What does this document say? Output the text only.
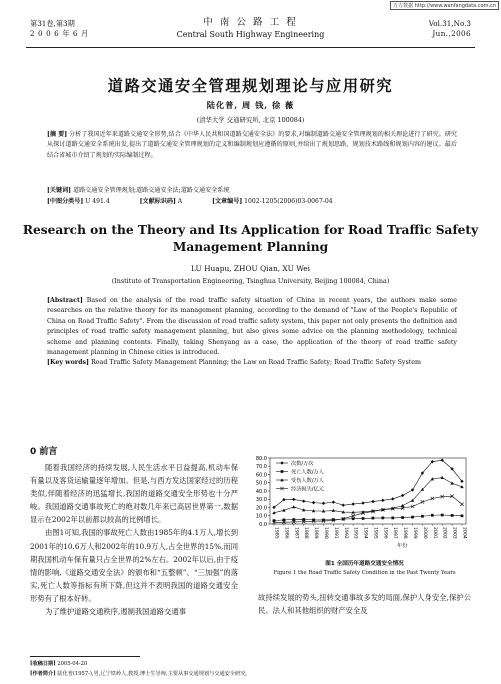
万方数据 http://www.wanfangdata.com.cn
第31卷,第3期
2 0 0 6 年 6 月
中 南 公 路 工 程
Central South Highway Engineering
Vol.31,No.3
Jun.,2006
道路交通安全管理规划理论与应用研究
陆化普, 周 钱, 徐 薇
(清华大学 交通研究所, 北京 100084)
[摘 要] 分析了我国近年来道路交通安全形势,结合《中华人民共和国道路交通安全法》的要求,对编制道路交通安全管理规划的相关理论进行了研究。研究从探讨道路交通安全系统出发,提出了道路交通安全管理规划的定义和编制规划应遵循的原则,并给出了规划思路、规划技术路线和规划内容的建议。最后结合省城市介绍了规划的实际编制过程。
[关键词] 道路交通安全管理规划;道路交通安全法;道路交通安全系统
[中图分类号] U 491.4	[文献标识码] A	[文章编号] 1002-1205(2006)03-0067-04
Research on the Theory and Its Application for Road Traffic Safety
Management Planning
LU Huapu, ZHOU Qian, XU Wei
(Institute of Transportation Engineering, Tsinghua University, Beijing 100084, China)
[Abstract] Based on the analysis of the road traffic safety situation of China in recent years, the authors make some researches on the relative theory for its management planning, according to the demand of "Law of the People's Republic of China on Road Traffic Safety". From the discussion of road traffic safety system, this paper not only presents the definition and principles of road traffic safety management planning, but also gives some advice on the planning methodology, technical scheme and planning contents. Finally, taking Shenyang as a case, the application of the theory of road traffic safety management planning in Chinese cities is introduced.
[Key words] Road Traffic Safety Management Planning; the Law on Road Traffic Safety; Road Traffic Safety System
0 前言

随着我国经济的持续发展,人民生活水平日益提高,机动车保有量以及客货运输量逐年增加。但是,与西方发达国家经过的历程类似,伴随着经济的迅猛增长,我国的道路交通安全形势也十分严峻。我国道路交通事故死亡的绝对数几年来已高居世界第一,数据显示在2002年以前都以较高的比例增长。

由图1可知,我国的事故死亡人数由1985年的4.1万人,增长到2001年的10.6万人和2002年的10.9万人,占全世界的15%,而同期我国机动车保有量只占全世界的2%左右。2002年以后,由于疫情的影响,《道路交通安全法》的颁布和“五整顿”、“三加强”的落实,死亡人数等指标有所下降,但这并不表明我国的道路交通安全形势有了根本好转。

为了维护道路交通秩序,遏制我国道路交通事

0.0
10.0
20.0
30.0
40.0
50.0
60.0
70.0
80.0
1985 1986 1987 1988 1989 1990 1991 1992 1993 1994 1995 1996 1997 1998 1999 2000 2001 2002 2003 2004
次数/万次
死亡人数/万人
受伤人数/万人
经济损失/亿元
年份
图1 全国历年道路交通安全情况
Figure 1 the Road Traffic Safety Condition in the Past Twenty Years
故持续发展的势头,扭转交通事故多发的局面,保护人身安全,保护公民、法人和其他组织的财产安全及
[收稿日期] 2005-04-20
[作者简介] 陆化普(1957-),男,辽宁铁岭人,教授,博士生导师,主要从事交通规划与交通安全研究。
